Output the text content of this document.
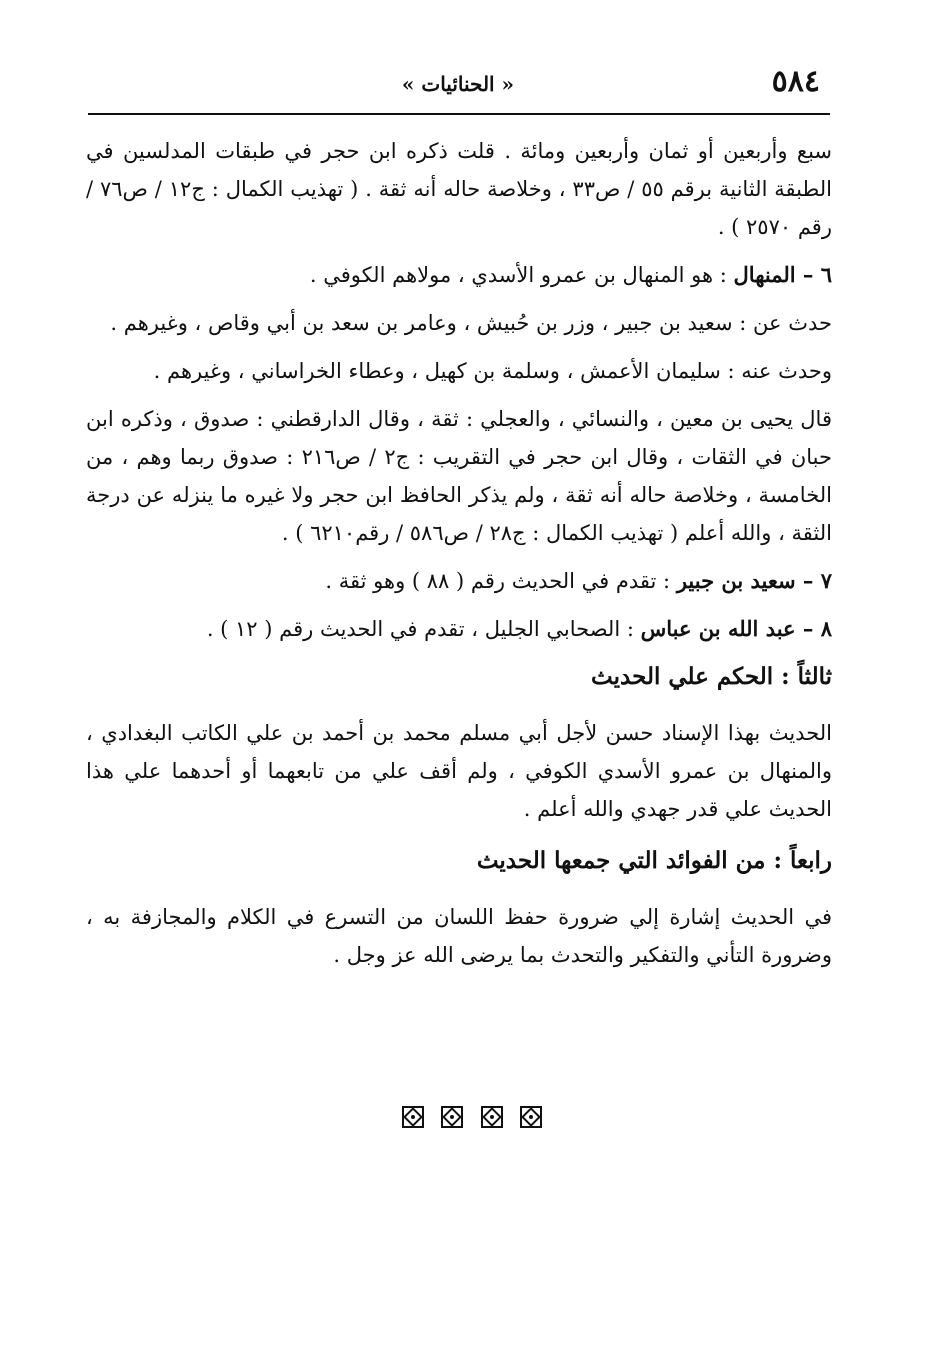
٥٨٤
« الحنائيات »

سبع وأربعين أو ثمان وأربعين ومائة . قلت ذكره ابن حجر في طبقات المدلسين في الطبقة الثانية برقم ٥٥ / ص٣٣ ، وخلاصة حاله أنه ثقة . ( تهذيب الكمال : ج١٢ / ص٧٦ / رقم ٢٥٧٠ ) .

٦ – المنهال : هو المنهال بن عمرو الأسدي ، مولاهم الكوفي .

حدث عن : سعيد بن جبير ، وزر بن حُبيش ، وعامر بن سعد بن أبي وقاص ، وغيرهم .

وحدث عنه : سليمان الأعمش ، وسلمة بن كهيل ، وعطاء الخراساني ، وغيرهم .

قال يحيى بن معين ، والنسائي ، والعجلي : ثقة ، وقال الدارقطني : صدوق ، وذكره ابن حبان في الثقات ، وقال ابن حجر في التقريب : ج٢ / ص٢١٦ : صدوق ربما وهم ، من الخامسة ، وخلاصة حاله أنه ثقة ، ولم يذكر الحافظ ابن حجر ولا غيره ما ينزله عن درجة الثقة ، والله أعلم ( تهذيب الكمال : ج٢٨ / ص٥٨٦ / رقم٦٢١٠ ) .

٧ – سعيد بن جبير : تقدم في الحديث رقم ( ٨٨ ) وهو ثقة .

٨ – عبد الله بن عباس : الصحابي الجليل ، تقدم في الحديث رقم ( ١٢ ) .

ثالثاً : الحكم علي الحديث

الحديث بهذا الإسناد حسن لأجل أبي مسلم محمد بن أحمد بن علي الكاتب البغدادي ، والمنهال بن عمرو الأسدي الكوفي ، ولم أقف علي من تابعهما أو أحدهما علي هذا الحديث علي قدر جهدي والله أعلم .

رابعاً : من الفوائد التي جمعها الحديث

في الحديث إشارة إلي ضرورة حفظ اللسان من التسرع في الكلام والمجازفة به ، وضرورة التأني والتفكير والتحدث بما يرضى الله عز وجل .
